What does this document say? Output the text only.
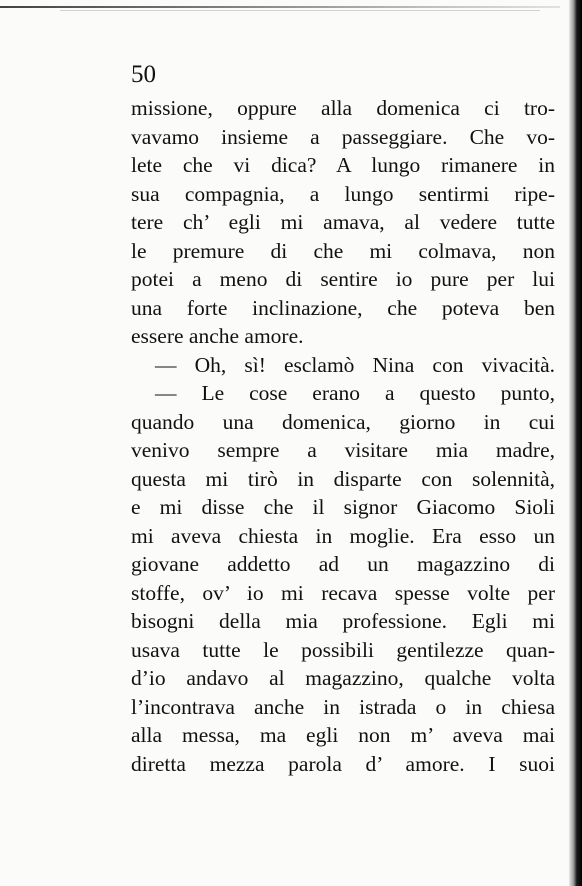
50
missione, oppure alla domenica ci tro-
vavamo insieme a passeggiare. Che vo-
lete che vi dica? A lungo rimanere in
sua compagnia, a lungo sentirmi ripe-
tere ch’ egli mi amava, al vedere tutte
le premure di che mi colmava, non
potei a meno di sentire io pure per lui
una forte inclinazione, che poteva ben
essere anche amore.
— Oh, sì! esclamò Nina con vivacità.
— Le cose erano a questo punto,
quando una domenica, giorno in cui
venivo sempre a visitare mia madre,
questa mi tirò in disparte con solennità,
e mi disse che il signor Giacomo Sioli
mi aveva chiesta in moglie. Era esso un
giovane addetto ad un magazzino di
stoffe, ov’ io mi recava spesse volte per
bisogni della mia professione. Egli mi
usava tutte le possibili gentilezze quan-
d’io andavo al magazzino, qualche volta
l’incontrava anche in istrada o in chiesa
alla messa, ma egli non m’ aveva mai
diretta mezza parola d’ amore. I suoi
